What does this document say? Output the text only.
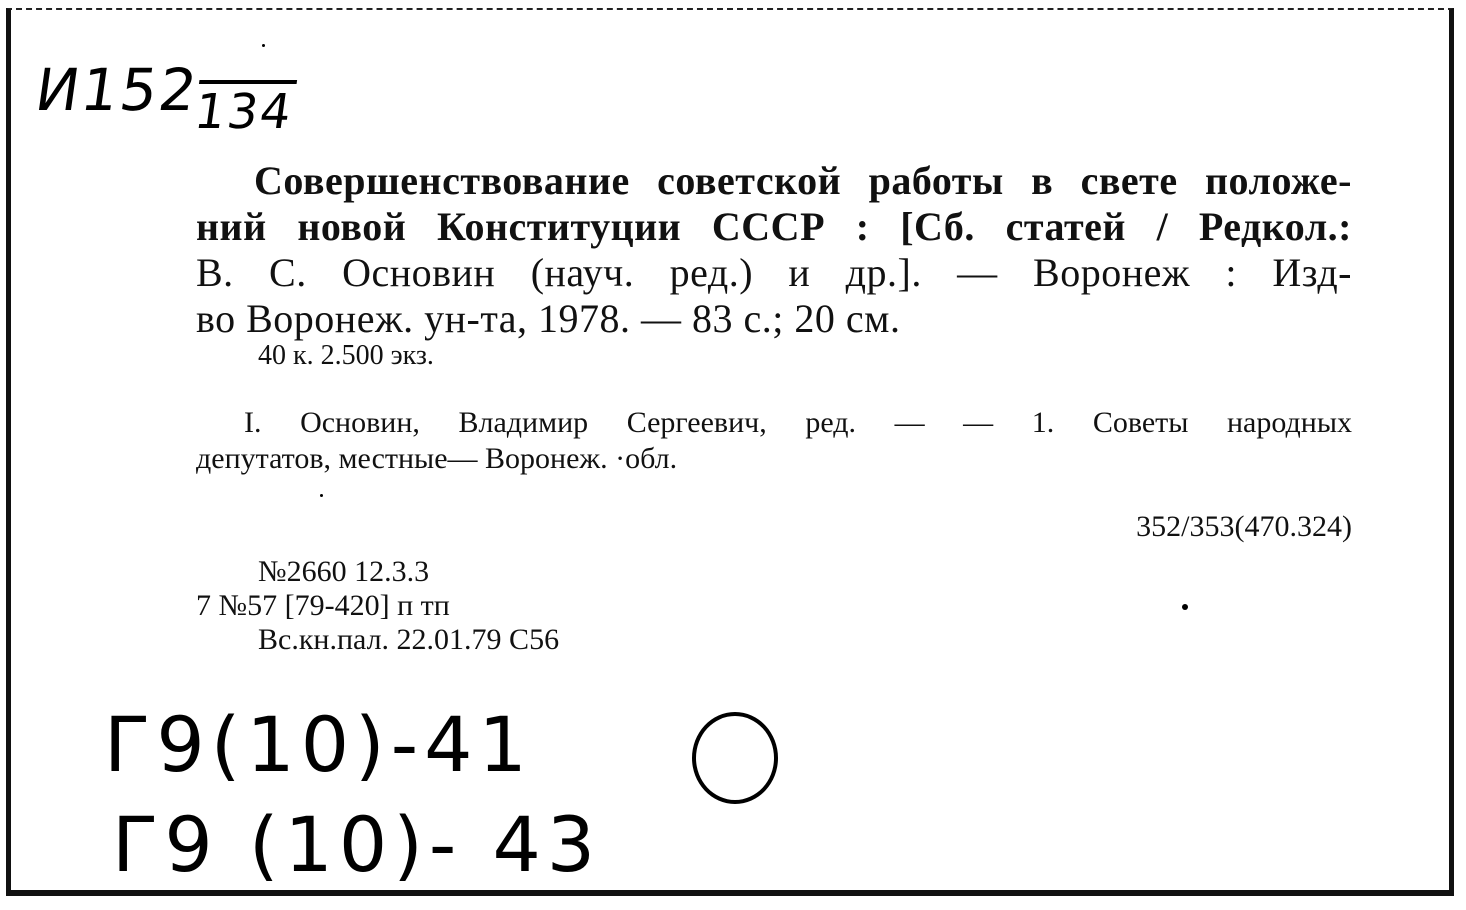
$И152_{134}$
Совершенствование советской работы в свете положе-
ний новой Конституции СССР : [Сб. статей / Редкол.:
В. С. Основин (науч. ред.) и др.]. — Воронеж : Изд-
во Воронеж. ун-та, 1978. — 83 с.; 20 см.
40 к. 2.500 экз.
I. Основин, Владимир Сергеевич, ред. — — 1. Советы народных
депутатов, местные— Воронеж. ·обл.
352/353(470.324)
№2660 12.3.3
7 №57 [79-420] п тп
Вс.кн.пал. 22.01.79 С56
Г9(10)-41
Г9 (10)- 43
